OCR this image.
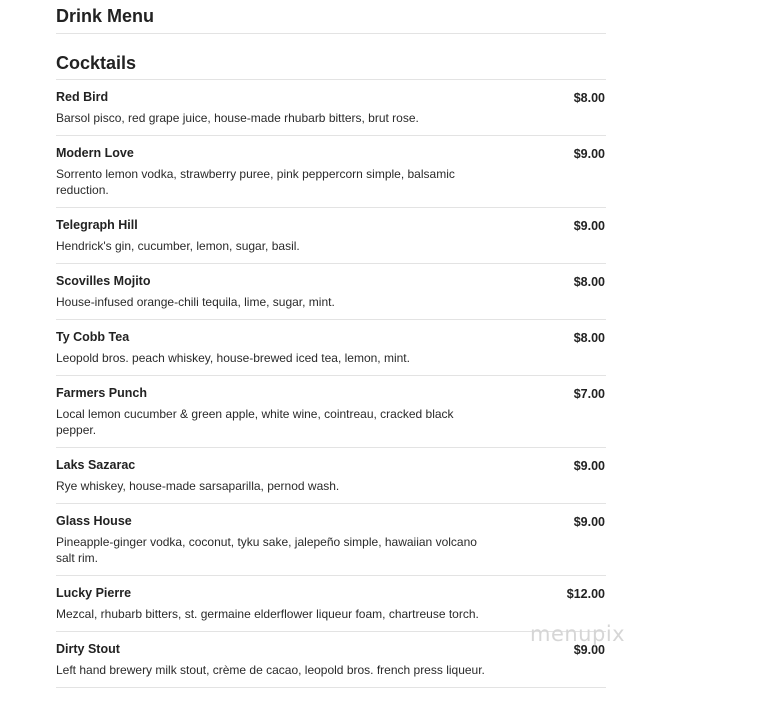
Drink Menu
Cocktails
Red Bird	$8.00

Barsol pisco, red grape juice, house-made rhubarb bitters, brut rose.

Modern Love	$9.00

Sorrento lemon vodka, strawberry puree, pink peppercorn simple, balsamic reduction.

Telegraph Hill	$9.00

Hendrick's gin, cucumber, lemon, sugar, basil.

Scovilles Mojito	$8.00

House-infused orange-chili tequila, lime, sugar, mint.

Ty Cobb Tea	$8.00

Leopold bros. peach whiskey, house-brewed iced tea, lemon, mint.

Farmers Punch	$7.00

Local lemon cucumber & green apple, white wine, cointreau, cracked black pepper.

Laks Sazarac	$9.00

Rye whiskey, house-made sarsaparilla, pernod wash.

Glass House	$9.00

Pineapple-ginger vodka, coconut, tyku sake, jalepeño simple, hawaiian volcano salt rim.

Lucky Pierre	$12.00

Mezcal, rhubarb bitters, st. germaine elderflower liqueur foam, chartreuse torch.

Dirty Stout	$9.00

Left hand brewery milk stout, crème de cacao, leopold bros. french press liqueur.

menupix
